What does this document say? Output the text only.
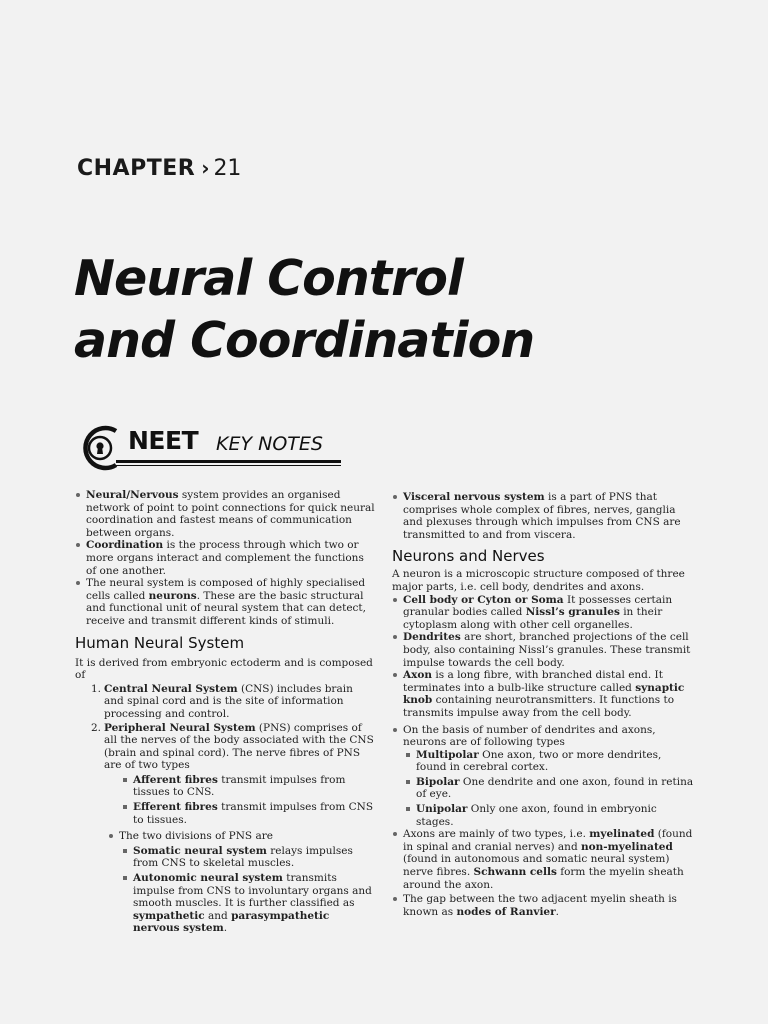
CHAPTER › 21
Neural Control
and Coordination
NEET KEY NOTES
Neural/Nervous system provides an organised network of point to point connections for quick neural coordination and fastest means of communication between organs.
Coordination is the process through which two or more organs interact and complement the functions of one another.
The neural system is composed of highly specialised cells called neurons. These are the basic structural and functional unit of neural system that can detect, receive and transmit different kinds of stimuli.
Human Neural System

It is derived from embryonic ectoderm and is composed of

1. Central Neural System (CNS) includes brain and spinal cord and is the site of information processing and control.
2. Peripheral Neural System (PNS) comprises of all the nerves of the body associated with the CNS (brain and spinal cord). The nerve fibres of PNS are of two types
Afferent fibres transmit impulses from tissues to CNS.
Efferent fibres transmit impulses from CNS to tissues.
The two divisions of PNS are
Somatic neural system relays impulses from CNS to skeletal muscles.
Autonomic neural system transmits impulse from CNS to involuntary organs and smooth muscles. It is further classified as sympathetic and parasympathetic nervous system.
Visceral nervous system is a part of PNS that comprises whole complex of fibres, nerves, ganglia and plexuses through which impulses from CNS are transmitted to and from viscera.
Neurons and Nerves

A neuron is a microscopic structure composed of three major parts, i.e. cell body, dendrites and axons.

Cell body or Cyton or Soma It possesses certain granular bodies called Nissl’s granules in their cytoplasm along with other cell organelles.
Dendrites are short, branched projections of the cell body, also containing Nissl’s granules. These transmit impulse towards the cell body.
Axon is a long fibre, with branched distal end. It terminates into a bulb-like structure called synaptic knob containing neurotransmitters. It functions to transmits impulse away from the cell body.
On the basis of number of dendrites and axons, neurons are of following types
Multipolar One axon, two or more dendrites, found in cerebral cortex.
Bipolar One dendrite and one axon, found in retina of eye.
Unipolar Only one axon, found in embryonic stages.
Axons are mainly of two types, i.e. myelinated (found in spinal and cranial nerves) and non-myelinated (found in autonomous and somatic neural system) nerve fibres. Schwann cells form the myelin sheath around the axon.
The gap between the two adjacent myelin sheath is known as nodes of Ranvier.
